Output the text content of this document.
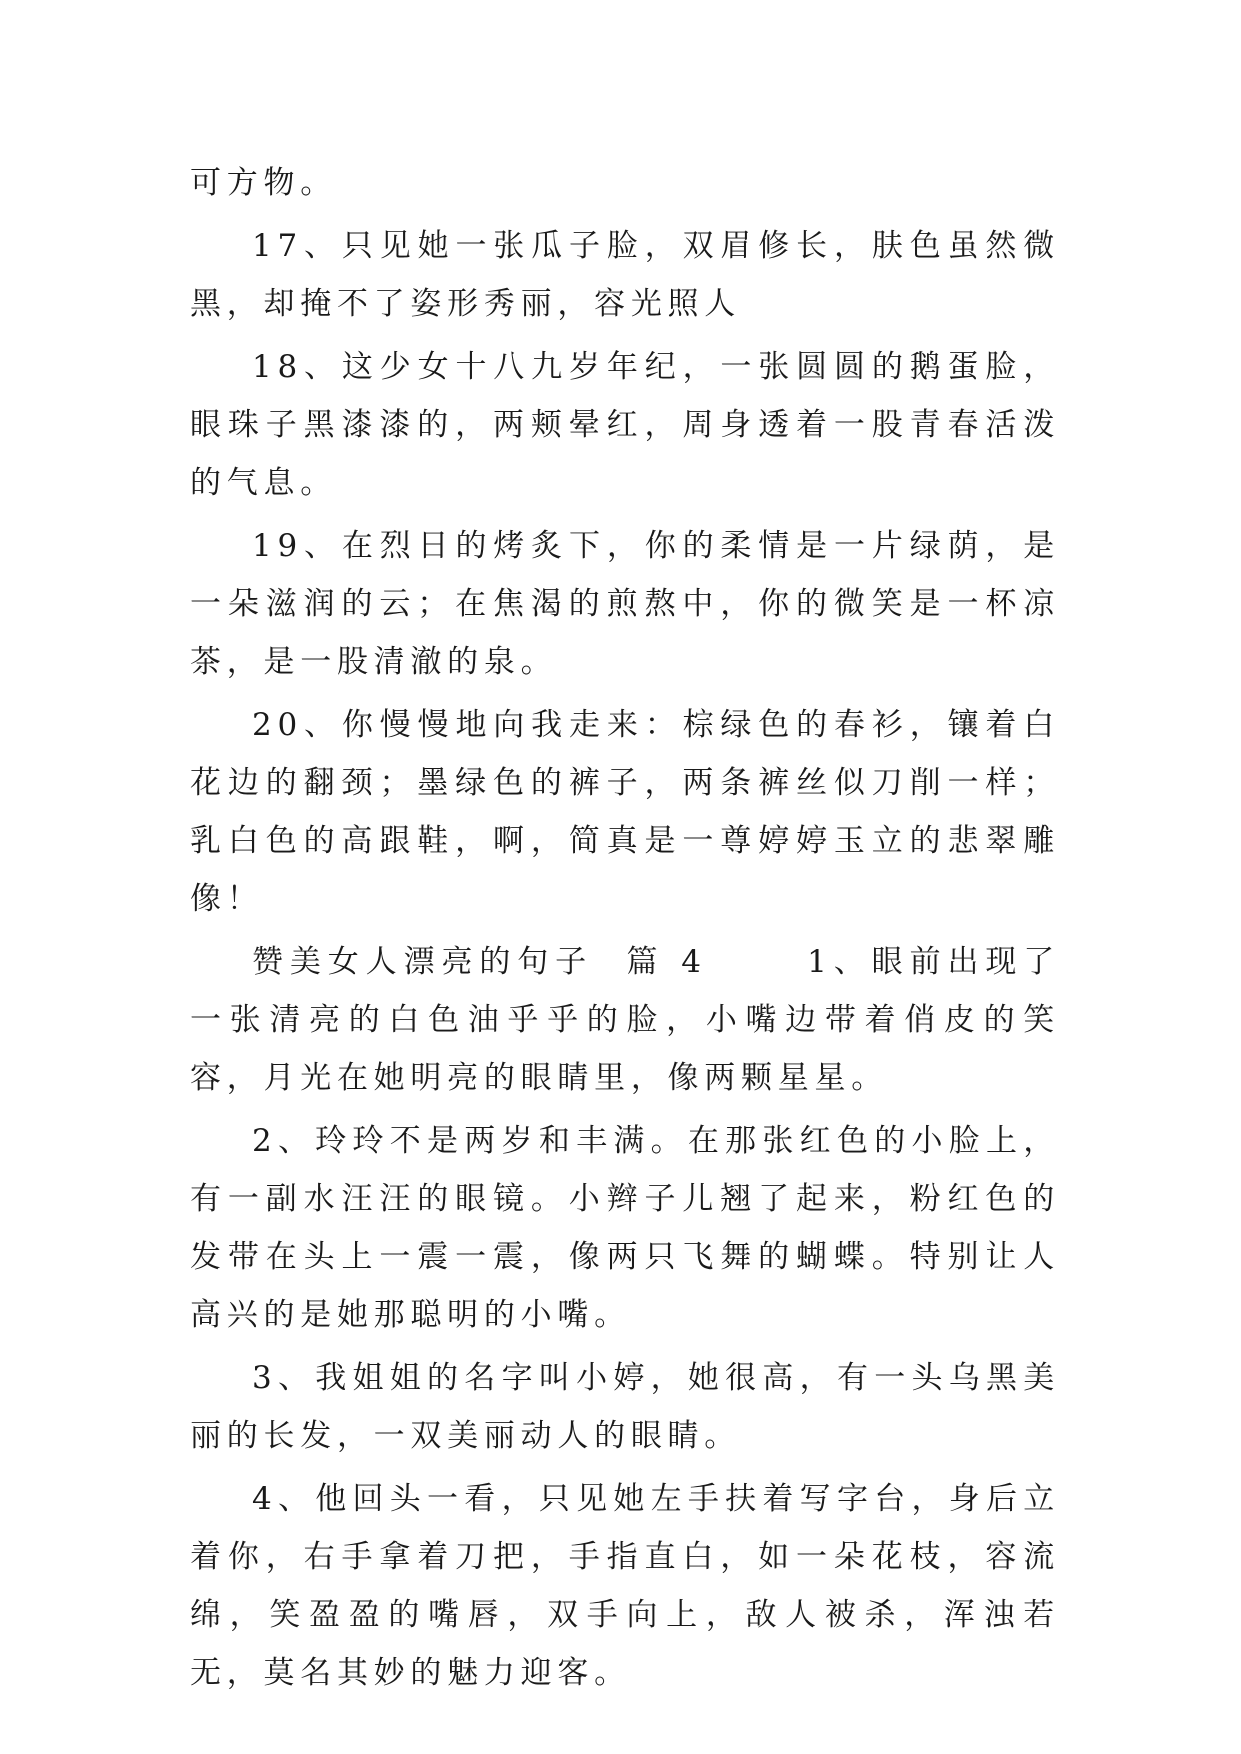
可方物。

17、只见她一张瓜子脸，双眉修长，肤色虽然微黑，却掩不了姿形秀丽，容光照人

18、这少女十八九岁年纪，一张圆圆的鹅蛋脸，眼珠子黑漆漆的，两颊晕红，周身透着一股青春活泼的气息。

19、在烈日的烤炙下，你的柔情是一片绿荫，是一朵滋润的云；在焦渴的煎熬中，你的微笑是一杯凉茶，是一股清澈的泉。

20、你慢慢地向我走来：棕绿色的春衫，镶着白花边的翻颈；墨绿色的裤子，两条裤丝似刀削一样；乳白色的高跟鞋，啊，简真是一尊婷婷玉立的悲翠雕像！

赞美女人漂亮的句子  篇 4      1、眼前出现了一张清亮的白色油乎乎的脸，小嘴边带着俏皮的笑容，月光在她明亮的眼睛里，像两颗星星。

2、玲玲不是两岁和丰满。在那张红色的小脸上，有一副水汪汪的眼镜。小辫子儿翘了起来，粉红色的发带在头上一震一震，像两只飞舞的蝴蝶。特别让人高兴的是她那聪明的小嘴。

3、我姐姐的名字叫小婷，她很高，有一头乌黑美丽的长发，一双美丽动人的眼睛。

4、他回头一看，只见她左手扶着写字台，身后立着你，右手拿着刀把，手指直白，如一朵花枝，容流绵，笑盈盈的嘴唇，双手向上，敌人被杀，浑浊若无，莫名其妙的魅力迎客。
